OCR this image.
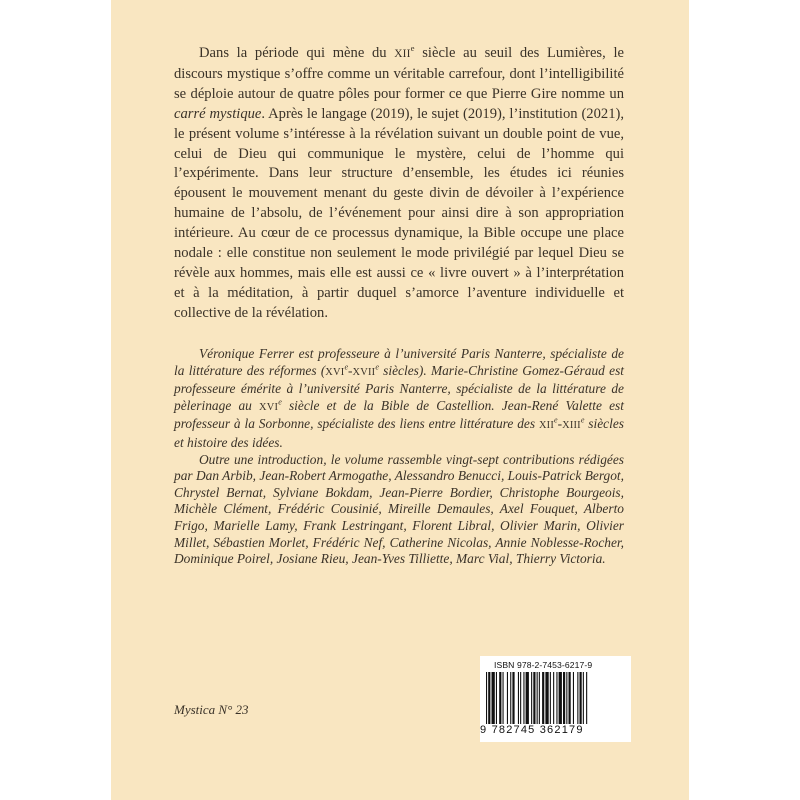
Dans la période qui mène du XIIe siècle au seuil des Lumières, le discours mystique s’offre comme un véritable carrefour, dont l’intelligibilité se déploie autour de quatre pôles pour former ce que Pierre Gire nomme un carré mystique. Après le langage (2019), le sujet (2019), l’institution (2021), le présent volume s’intéresse à la révélation suivant un double point de vue, celui de Dieu qui communique le mystère, celui de l’homme qui l’expérimente. Dans leur structure d’ensemble, les études ici réunies épousent le mouvement menant du geste divin de dévoiler à l’expérience humaine de l’absolu, de l’événement pour ainsi dire à son appropriation intérieure. Au cœur de ce processus dynamique, la Bible occupe une place nodale : elle constitue non seulement le mode privilégié par lequel Dieu se révèle aux hommes, mais elle est aussi ce « livre ouvert » à l’interprétation et à la méditation, à partir duquel s’amorce l’aventure individuelle et collective de la révélation.

Véronique Ferrer est professeure à l’université Paris Nanterre, spécialiste de la littérature des réformes (XVIe-XVIIe siècles). Marie-Christine Gomez-Géraud est professeure émérite à l’université Paris Nanterre, spécialiste de la littérature de pèlerinage au XVIe siècle et de la Bible de Castellion. Jean-René Valette est professeur à la Sorbonne, spécialiste des liens entre littérature des XIIe-XIIIe siècles et histoire des idées.

Outre une introduction, le volume rassemble vingt-sept contributions rédigées par Dan Arbib, Jean-Robert Armogathe, Alessandro Benucci, Louis-Patrick Bergot, Chrystel Bernat, Sylviane Bokdam, Jean-Pierre Bordier, Christophe Bourgeois, Michèle Clément, Frédéric Cousinié, Mireille Demaules, Axel Fouquet, Alberto Frigo, Marielle Lamy, Frank Lestringant, Florent Libral, Olivier Marin, Olivier Millet, Sébastien Morlet, Frédéric Nef, Catherine Nicolas, Annie Noblesse-Rocher, Dominique Poirel, Josiane Rieu, Jean-Yves Tilliette, Marc Vial, Thierry Victoria.

ISBN 978-2-7453-6217-9
9 782745 362179
Mystica N° 23
